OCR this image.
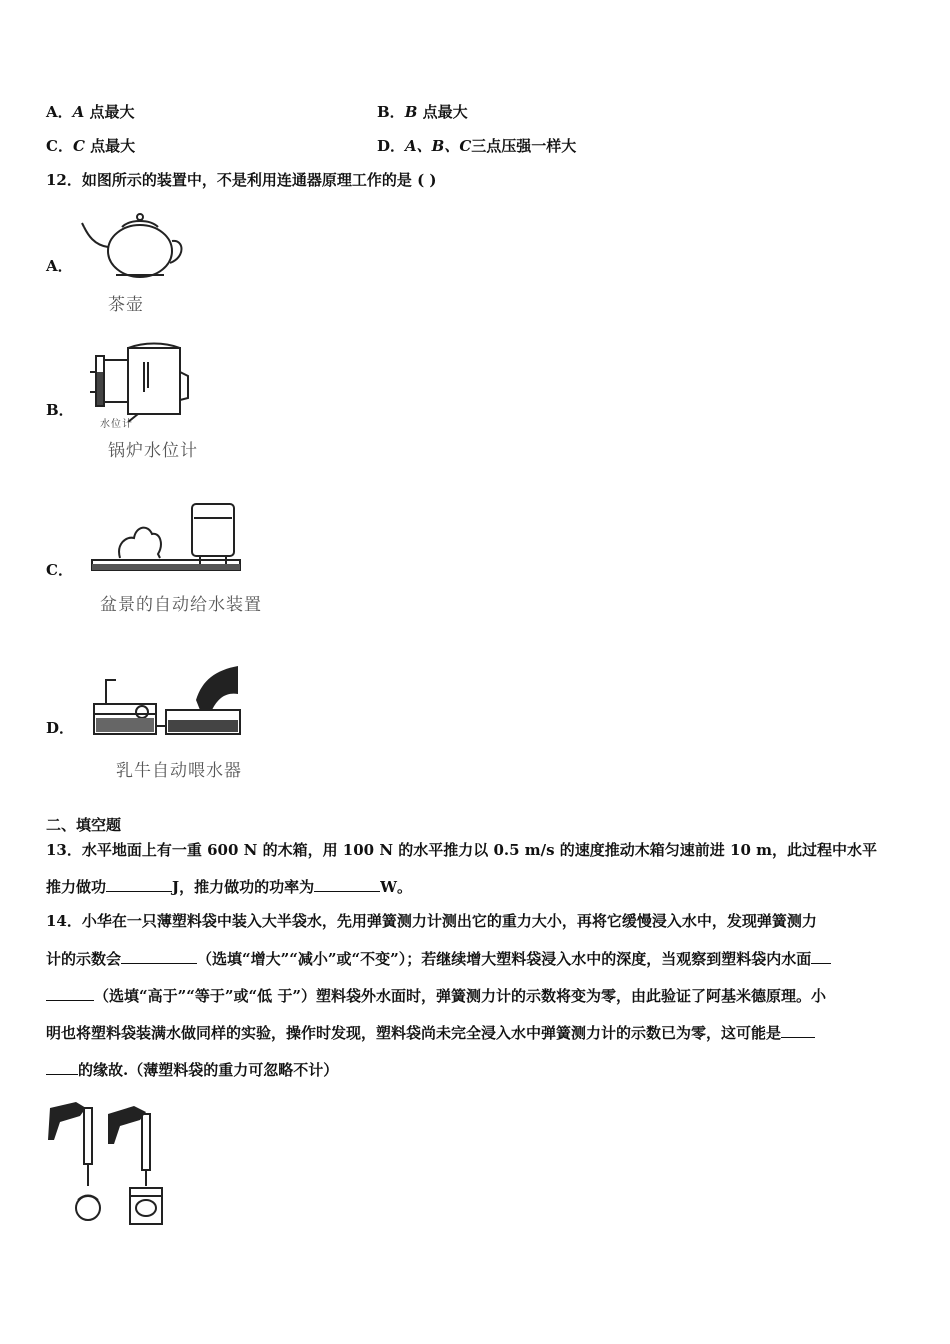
A．A 点最大	B．B 点最大
C．C 点最大	D．A、B、C三点压强一样大
12．如图所示的装置中，不是利用连通器原理工作的是 ( )
A．
茶壶
B．
水位计
锅炉水位计
C．
盆景的自动给水装置
D．
乳牛自动喂水器
二、填空题
13．水平地面上有一重 600 N 的木箱，用 100 N 的水平推力以 0.5 m/s 的速度推动木箱匀速前进 10 m，此过程中水平
推力做功	J，推力做功的功率为	W。
14．小华在一只薄塑料袋中装入大半袋水，先用弹簧测力计测出它的重力大小，再将它缓慢浸入水中，发现弹簧测力
计的示数会	（选填“增大”“减小”或“不变”）；若继续增大塑料袋浸入水中的深度，当观察到塑料袋内水面
（选填“高于”“等于”或“低 于”）塑料袋外水面时，弹簧测力计的示数将变为零，由此验证了阿基米德原理。小
明也将塑料袋装满水做同样的实验，操作时发现，塑料袋尚未完全浸入水中弹簧测力计的示数已为零，这可能是
的缘故.（薄塑料袋的重力可忽略不计）
